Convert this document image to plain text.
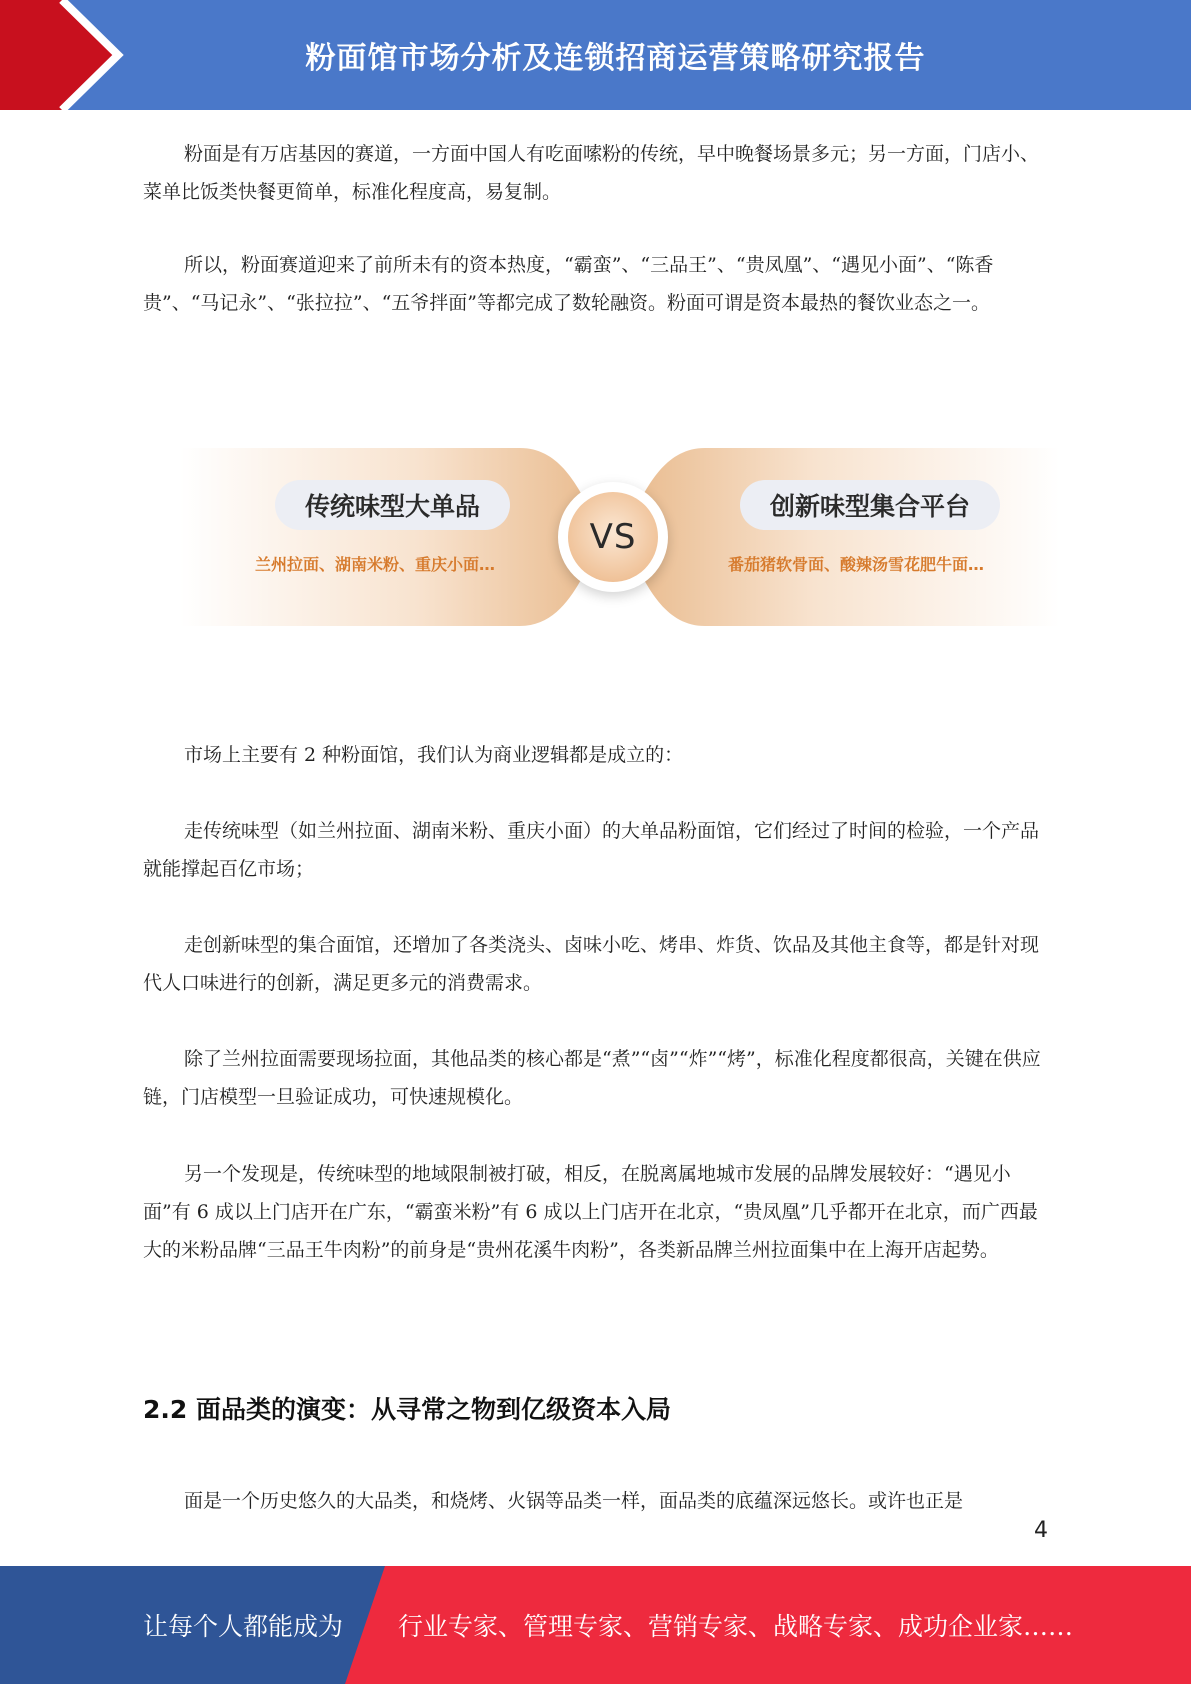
粉面馆市场分析及连锁招商运营策略研究报告

粉面是有万店基因的赛道，一方面中国人有吃面嗦粉的传统，早中晚餐场景多元；另一方面，门店小、菜单比饭类快餐更简单，标准化程度高，易复制。

所以，粉面赛道迎来了前所未有的资本热度，“霸蛮”、“三品王”、“贵凤凰”、“遇见小面”、“陈香贵”、“马记永”、“张拉拉”、“五爷拌面”等都完成了数轮融资。粉面可谓是资本最热的餐饮业态之一。

传统味型大单品
兰州拉面、湖南米粉、重庆小面…
VS
创新味型集合平台
番茄猪软骨面、酸辣汤雪花肥牛面…

市场上主要有 2 种粉面馆，我们认为商业逻辑都是成立的：

走传统味型（如兰州拉面、湖南米粉、重庆小面）的大单品粉面馆，它们经过了时间的检验，一个产品就能撑起百亿市场；

走创新味型的集合面馆，还增加了各类浇头、卤味小吃、烤串、炸货、饮品及其他主食等，都是针对现代人口味进行的创新，满足更多元的消费需求。

除了兰州拉面需要现场拉面，其他品类的核心都是“煮”“卤”“炸”“烤”，标准化程度都很高，关键在供应链，门店模型一旦验证成功，可快速规模化。

另一个发现是，传统味型的地域限制被打破，相反，在脱离属地城市发展的品牌发展较好：“遇见小面”有 6 成以上门店开在广东，“霸蛮米粉”有 6 成以上门店开在北京，“贵凤凰”几乎都开在北京，而广西最大的米粉品牌“三品王牛肉粉”的前身是“贵州花溪牛肉粉”，各类新品牌兰州拉面集中在上海开店起势。

2.2 面品类的演变：从寻常之物到亿级资本入局

面是一个历史悠久的大品类，和烧烤、火锅等品类一样，面品类的底蕴深远悠长。或许也正是

4
让每个人都能成为 行业专家、管理专家、营销专家、战略专家、成功企业家……
